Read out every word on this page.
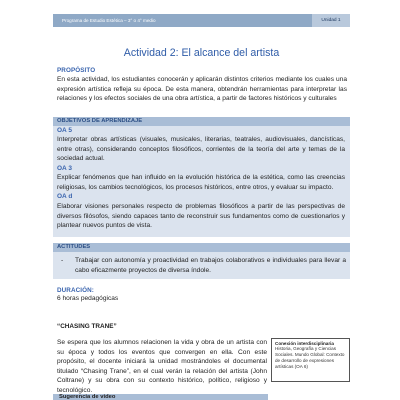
Programa de Estudio Estética – 3° o 4° medio	Unidad 1
Actividad 2: El alcance del artista
PROPÓSITO
En esta actividad, los estudiantes conocerán y aplicarán distintos criterios mediante los cuales una expresión artística refleja su época. De esta manera, obtendrán herramientas para interpretar las relaciones y los efectos sociales de una obra artística, a partir de factores históricos y culturales
OBJETIVOS DE APRENDIZAJE
OA 5
Interpretar obras artísticas (visuales, musicales, literarias, teatrales, audiovisuales, dancísticas, entre otras), considerando conceptos filosóficos, corrientes de la teoría del arte y temas de la sociedad actual.
OA 3
Explicar fenómenos que han influido en la evolución histórica de la estética, como las creencias religiosas, los cambios tecnológicos, los procesos históricos, entre otros, y evaluar su impacto.
OA d
Elaborar visiones personales respecto de problemas filosóficos a partir de las perspectivas de diversos filósofos, siendo capaces tanto de reconstruir sus fundamentos como de cuestionarlos y plantear nuevos puntos de vista.
ACTITUDES
- Trabajar con autonomía y proactividad en trabajos colaborativos e individuales para llevar a cabo eficazmente proyectos de diversa índole.
DURACIÓN:
6 horas pedagógicas
“CHASING TRANE”
Se espera que los alumnos relacionen la vida y obra de un artista con su época y todos los eventos que convergen en ella. Con este propósito, el docente iniciará la unidad mostrándoles el documental titulado “Chasing Trane”, en el cual verán la relación del artista (John Coltrane) y su obra con su contexto histórico, político, religioso y tecnológico.
Conexión interdisciplinaria
Historia, Geografía y Ciencias Sociales. Mundo Global: Contexto de desarrollo de expresiones artísticas (OA 6)
Sugerencia de video
